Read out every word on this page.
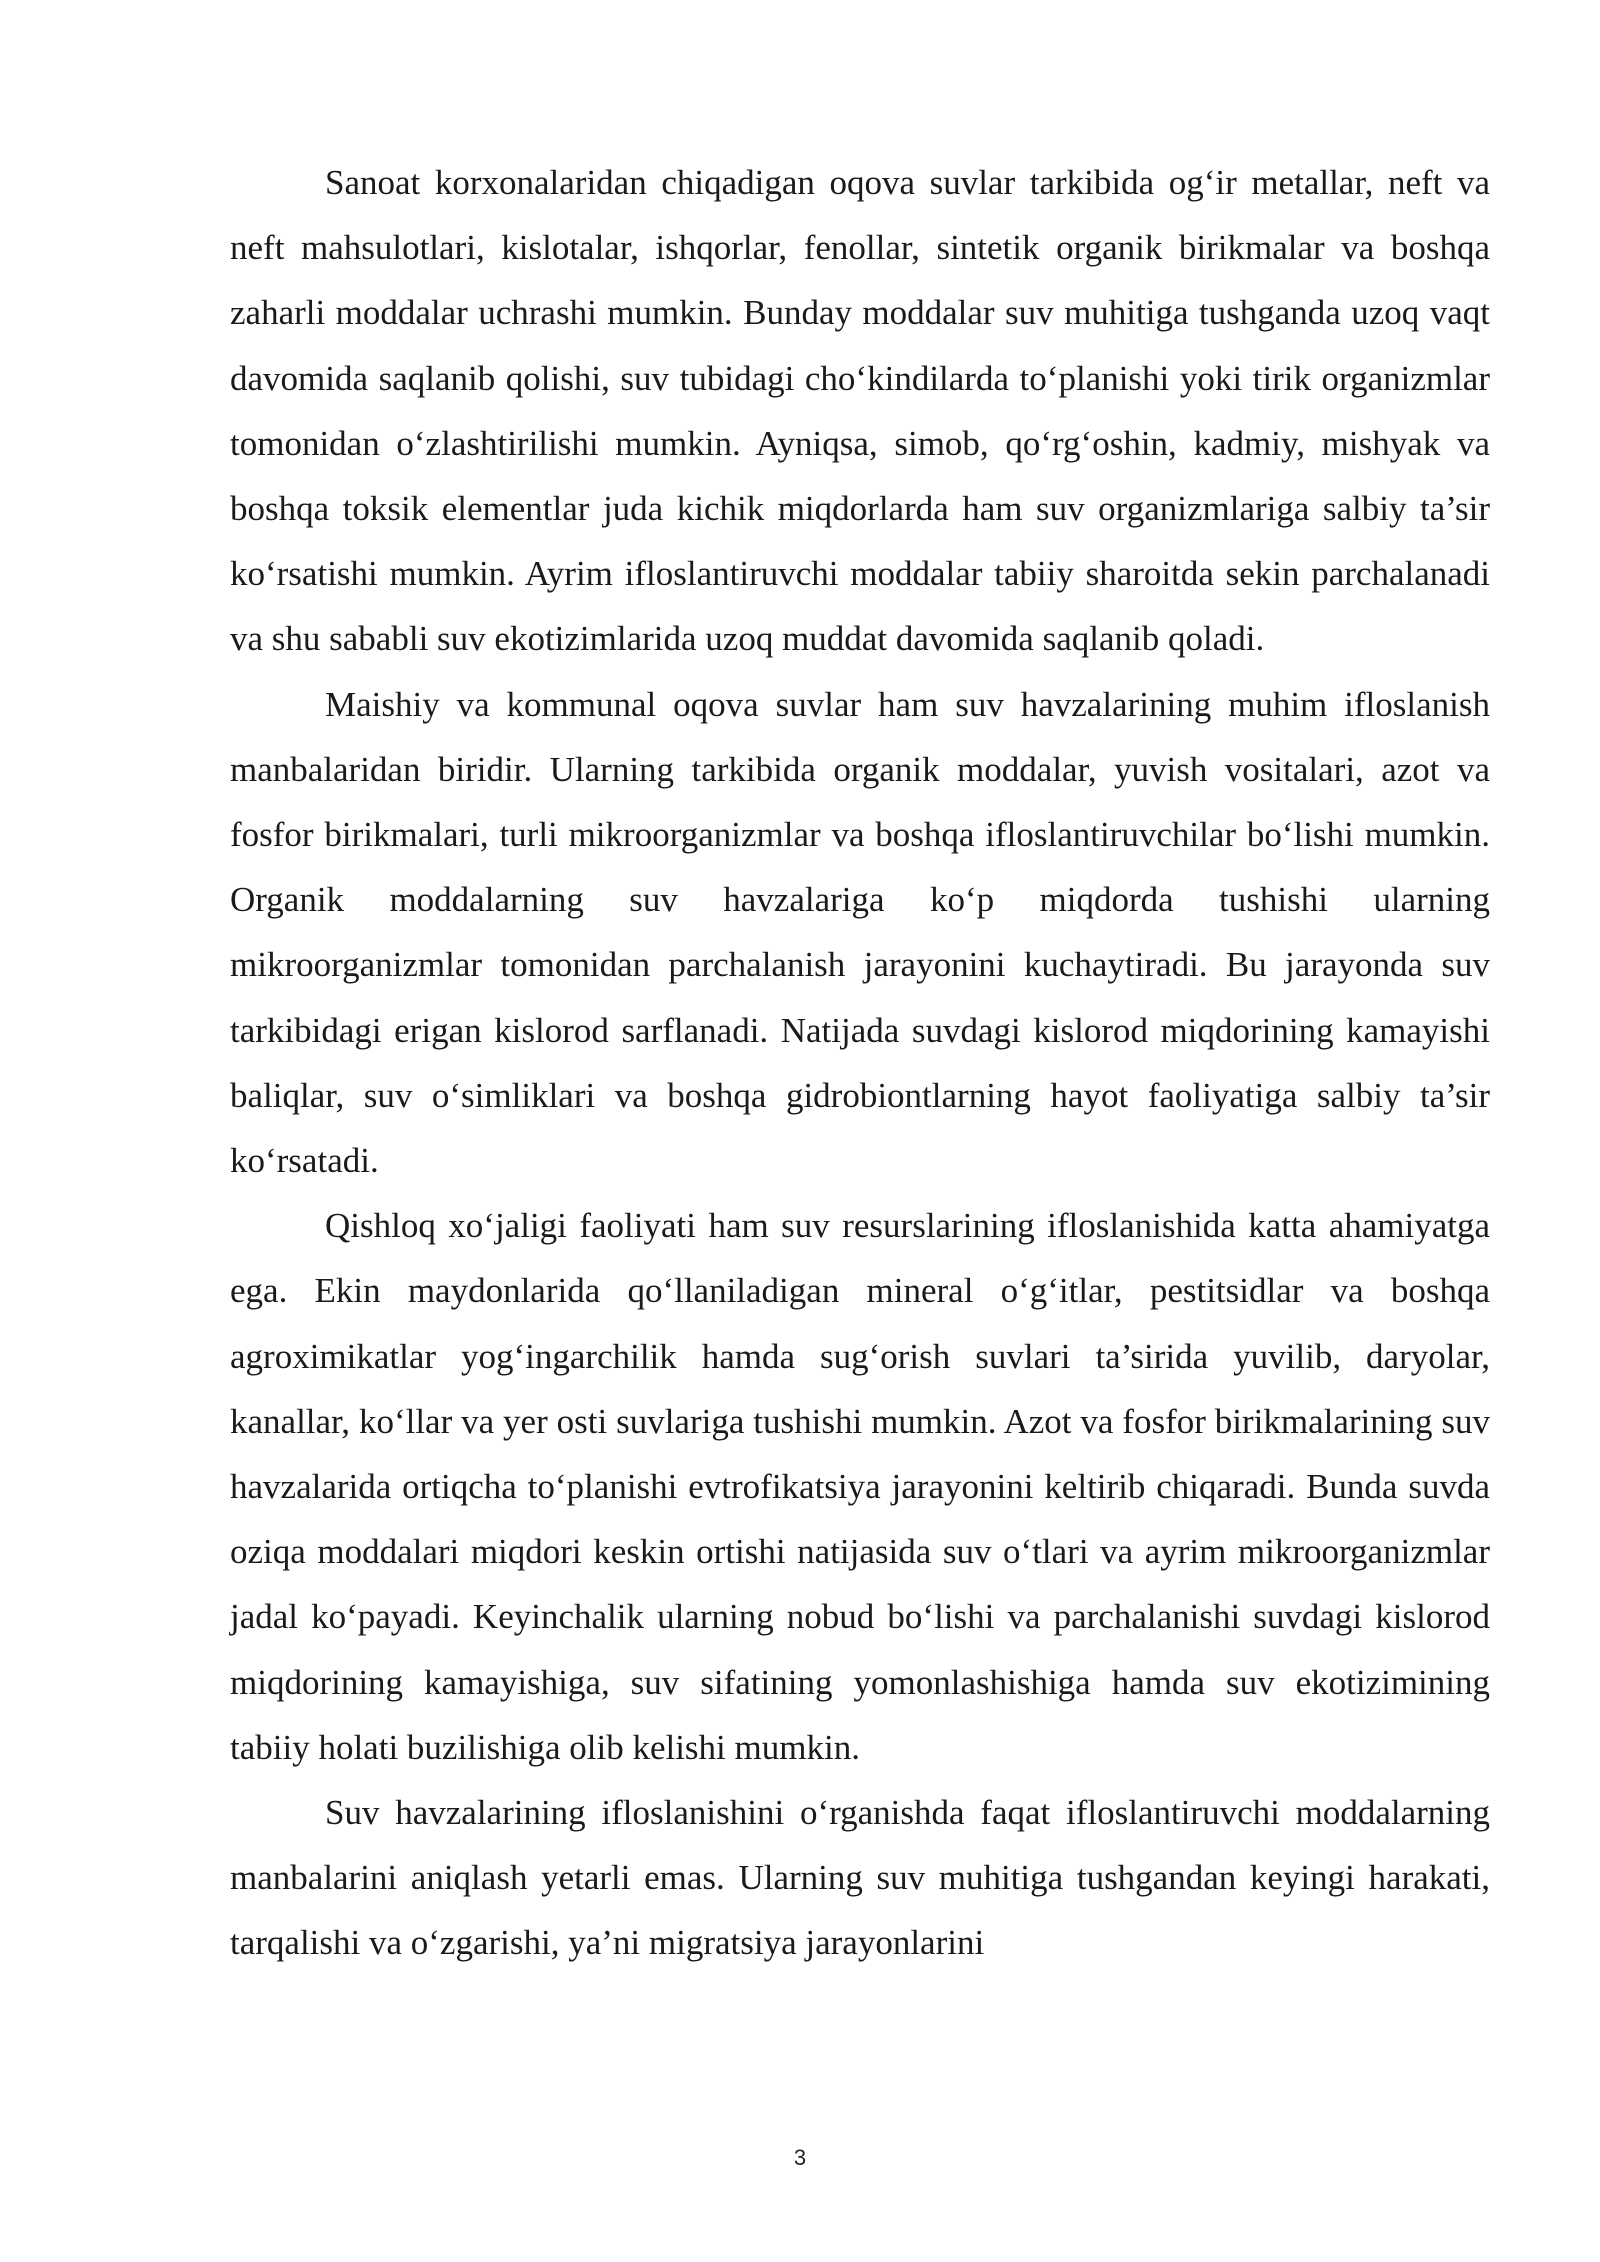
Sanoat korxonalaridan chiqadigan oqova suvlar tarkibida og‘ir metallar, neft va neft mahsulotlari, kislotalar, ishqorlar, fenollar, sintetik organik birikmalar va boshqa zaharli moddalar uchrashi mumkin. Bunday moddalar suv muhitiga tushganda uzoq vaqt davomida saqlanib qolishi, suv tubidagi cho‘kindilarda to‘planishi yoki tirik organizmlar tomonidan o‘zlashtirilishi mumkin. Ayniqsa, simob, qo‘rg‘oshin, kadmiy, mishyak va boshqa toksik elementlar juda kichik miqdorlarda ham suv organizmlariga salbiy ta’sir ko‘rsatishi mumkin. Ayrim ifloslantiruvchi moddalar tabiiy sharoitda sekin parchalanadi va shu sababli suv ekotizimlarida uzoq muddat davomida saqlanib qoladi.

Maishiy va kommunal oqova suvlar ham suv havzalarining muhim ifloslanish manbalaridan biridir. Ularning tarkibida organik moddalar, yuvish vositalari, azot va fosfor birikmalari, turli mikroorganizmlar va boshqa ifloslantiruvchilar bo‘lishi mumkin. Organik moddalarning suv havzalariga ko‘p miqdorda tushishi ularning mikroorganizmlar tomonidan parchalanish jarayonini kuchaytiradi. Bu jarayonda suv tarkibidagi erigan kislorod sarflanadi. Natijada suvdagi kislorod miqdorining kamayishi baliqlar, suv o‘simliklari va boshqa gidrobiontlarning hayot faoliyatiga salbiy ta’sir ko‘rsatadi.

Qishloq xo‘jaligi faoliyati ham suv resurslarining ifloslanishida katta ahamiyatga ega. Ekin maydonlarida qo‘llaniladigan mineral o‘g‘itlar, pestitsidlar va boshqa agroximikatlar yog‘ingarchilik hamda sug‘orish suvlari ta’sirida yuvilib, daryolar, kanallar, ko‘llar va yer osti suvlariga tushishi mumkin. Azot va fosfor birikmalarining suv havzalarida ortiqcha to‘planishi evtrofikatsiya jarayonini keltirib chiqaradi. Bunda suvda oziqa moddalari miqdori keskin ortishi natijasida suv o‘tlari va ayrim mikroorganizmlar jadal ko‘payadi. Keyinchalik ularning nobud bo‘lishi va parchalanishi suvdagi kislorod miqdorining kamayishiga, suv sifatining yomonlashishiga hamda suv ekotizimining tabiiy holati buzilishiga olib kelishi mumkin.

Suv havzalarining ifloslanishini o‘rganishda faqat ifloslantiruvchi moddalarning manbalarini aniqlash yetarli emas. Ularning suv muhitiga tushgandan keyingi harakati, tarqalishi va o‘zgarishi, ya’ni migratsiya jarayonlarini

3
